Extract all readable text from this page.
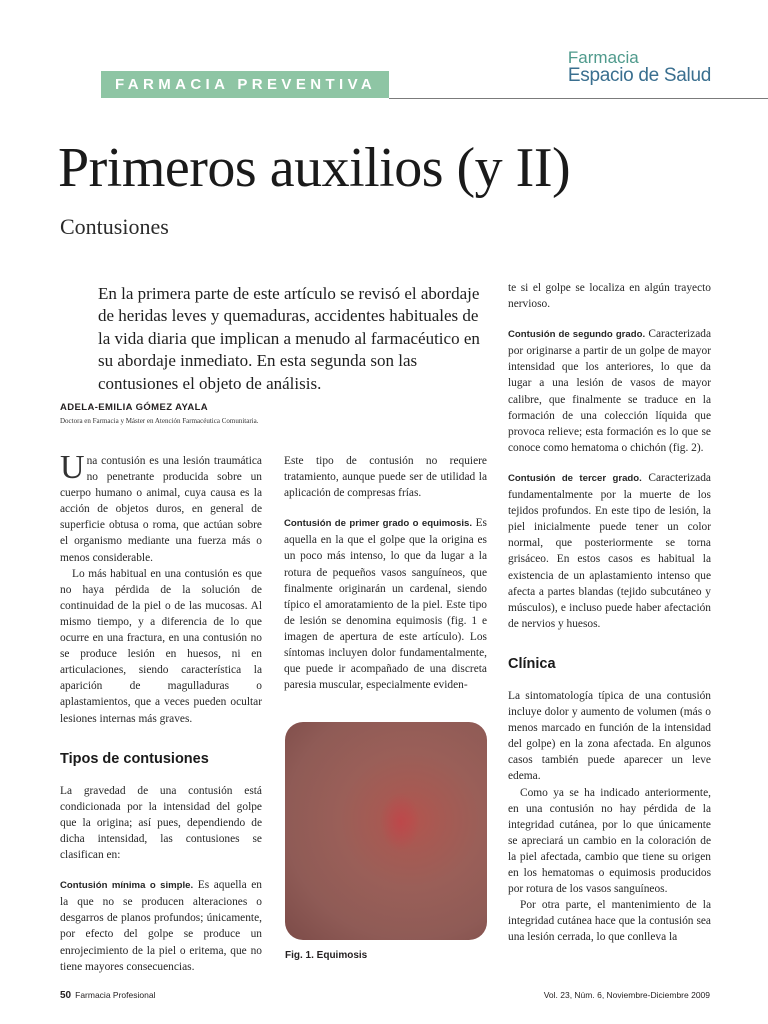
Farmacia
Espacio de Salud
FARMACIA PREVENTIVA
Primeros auxilios (y II)
Contusiones
En la primera parte de este artículo se revisó el abordaje de heridas leves y quemaduras, accidentes habituales de la vida diaria que implican a menudo al farmacéutico en su abordaje inmediato. En esta segunda son las contusiones el objeto de análisis.
ADELA-EMILIA GÓMEZ AYALA
Doctora en Farmacia y Máster en Atención Farmacéutica Comunitaria.

Una contusión es una lesión traumática no penetrante producida sobre un cuerpo humano o animal, cuya causa es la acción de objetos duros, en general de superficie obtusa o roma, que actúan sobre el organismo mediante una fuerza más o menos considerable.

Lo más habitual en una contusión es que no haya pérdida de la solución de continuidad de la piel o de las mucosas. Al mismo tiempo, y a diferencia de lo que ocurre en una fractura, en una contusión no se produce lesión en huesos, ni en articulaciones, siendo característica la aparición de magulladuras o aplastamientos, que a veces pueden ocultar lesiones internas más graves.

Tipos de contusiones

La gravedad de una contusión está condicionada por la intensidad del golpe que la origina; así pues, dependiendo de dicha intensidad, las contusiones se clasifican en:

Contusión mínima o simple. Es aquella en la que no se producen alteraciones o desgarros de planos profundos; únicamente, por efecto del golpe se produce un enrojecimiento de la piel o eritema, que no tiene mayores consecuencias.

Este tipo de contusión no requiere tratamiento, aunque puede ser de utilidad la aplicación de compresas frías.

Contusión de primer grado o equimosis. Es aquella en la que el golpe que la origina es un poco más intenso, lo que da lugar a la rotura de pequeños vasos sanguíneos, que finalmente originarán un cardenal, siendo típico el amoratamiento de la piel. Este tipo de lesión se denomina equimosis (fig. 1 e imagen de apertura de este artículo). Los síntomas incluyen dolor fundamentalmente, que puede ir acompañado de una discreta paresia muscular, especialmente eviden-

Fig. 1. Equimosis

te si el golpe se localiza en algún trayecto nervioso.

Contusión de segundo grado. Caracterizada por originarse a partir de un golpe de mayor intensidad que los anteriores, lo que da lugar a una lesión de vasos de mayor calibre, que finalmente se traduce en la formación de una colección líquida que provoca relieve; esta formación es lo que se conoce como hematoma o chichón (fig. 2).

Contusión de tercer grado. Caracterizada fundamentalmente por la muerte de los tejidos profundos. En este tipo de lesión, la piel inicialmente puede tener un color normal, que posteriormente se torna grisáceo. En estos casos es habitual la existencia de un aplastamiento intenso que afecta a partes blandas (tejido subcutáneo y músculos), e incluso puede haber afectación de nervios y huesos.

Clínica

La sintomatología típica de una contusión incluye dolor y aumento de volumen (más o menos marcado en función de la intensidad del golpe) en la zona afectada. En algunos casos también puede aparecer un leve edema.

Como ya se ha indicado anteriormente, en una contusión no hay pérdida de la integridad cutánea, por lo que únicamente se apreciará un cambio en la coloración de la piel afectada, cambio que tiene su origen en los hematomas o equimosis producidos por rotura de los vasos sanguíneos.

Por otra parte, el mantenimiento de la integridad cutánea hace que la contusión sea una lesión cerrada, lo que conlleva la

50 Farmacia Profesional	Vol. 23, Núm. 6, Noviembre-Diciembre 2009
